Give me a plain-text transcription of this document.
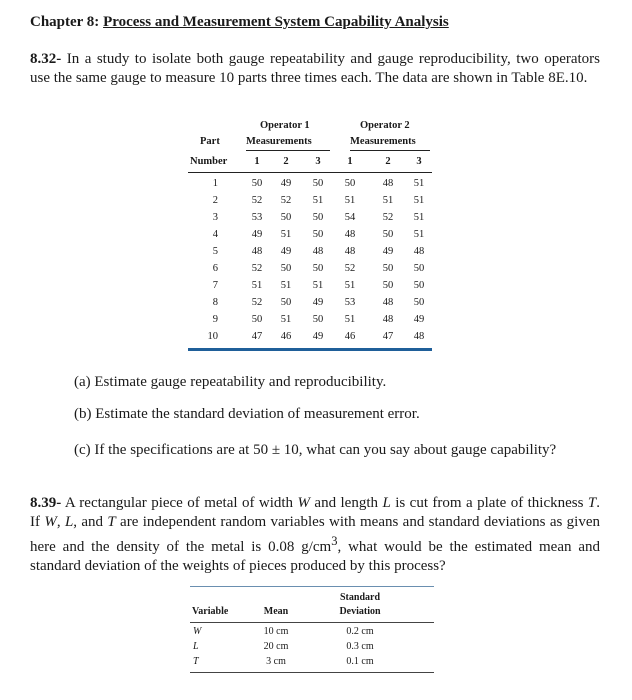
Chapter 8: Process and Measurement System Capability Analysis
8.32- In a study to isolate both gauge repeatability and gauge reproducibility, two operators use the same gauge to measure 10 parts three times each. The data are shown in Table 8E.10.
Part
Number
Operator 1
Measurements
Operator 2
Measurements
1	2	3	1	2	3
1	50	49	50	50	48	51
2	52	52	51	51	51	51
3	53	50	50	54	52	51
4	49	51	50	48	50	51
5	48	49	48	48	49	48
6	52	50	50	52	50	50
7	51	51	51	51	50	50
8	52	50	49	53	48	50
9	50	51	50	51	48	49
10	47	46	49	46	47	48
(a) Estimate gauge repeatability and reproducibility.
(b) Estimate the standard deviation of measurement error.
(c) If the specifications are at 50 ± 10, what can you say about gauge capability?
8.39- A rectangular piece of metal of width W and length L is cut from a plate of thickness T. If W, L, and T are independent random variables with means and standard deviations as given here and the density of the metal is 0.08 $g/cm^3$, what would be the estimated mean and standard deviation of the weights of pieces produced by this process?
Standard
Variable	Mean	Deviation
W	10 cm	0.2 cm
L	20 cm	0.3 cm
T	3 cm	0.1 cm
